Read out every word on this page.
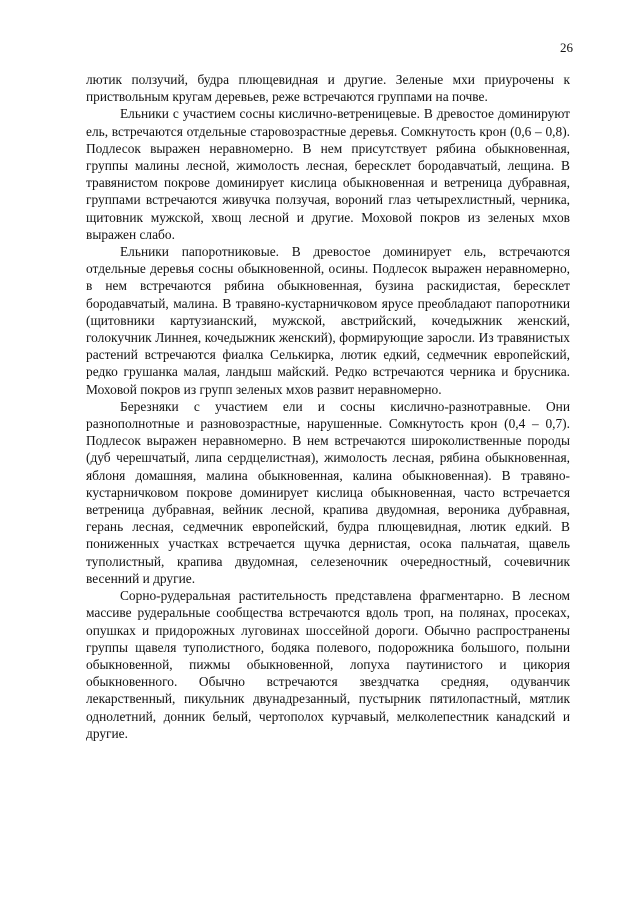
26

лютик ползучий, будра плющевидная и другие. Зеленые мхи приурочены к приствольным кругам деревьев, реже встречаются группами на почве.

Ельники с участием сосны кислично-ветреницевые. В древостое доминируют ель, встречаются отдельные старовозрастные деревья. Сомкнутость крон (0,6 – 0,8). Подлесок выражен неравномерно. В нем присутствует рябина обыкновенная, группы малины лесной, жимолость лесная, бересклет бородавчатый, лещина. В травянистом покрове доминирует кислица обыкновенная и ветреница дубравная, группами встречаются живучка ползучая, вороний глаз четырехлистный, черника, щитовник мужской, хвощ лесной и другие. Моховой покров из зеленых мхов выражен слабо.

Ельники папоротниковые. В древостое доминирует ель, встречаются отдельные деревья сосны обыкновенной, осины. Подлесок выражен неравномерно, в нем встречаются рябина обыкновенная, бузина раскидистая, бересклет бородавчатый, малина. В травяно-кустарничковом ярусе преобладают папоротники (щитовники картузианский, мужской, австрийский, кочедыжник женский, голокучник Линнея, кочедыжник женский), формирующие заросли. Из травянистых растений встречаются фиалка Селькирка, лютик едкий, седмечник европейский, редко грушанка малая, ландыш майский. Редко встречаются черника и брусника. Моховой покров из групп зеленых мхов развит неравномерно.

Березняки с участием ели и сосны кислично-разнотравные. Они разнополнотные и разновозрастные, нарушенные. Сомкнутость крон (0,4 – 0,7). Подлесок выражен неравномерно. В нем встречаются широколиственные породы (дуб черешчатый, липа сердцелистная), жимолость лесная, рябина обыкновенная, яблоня домашняя, малина обыкновенная, калина обыкновенная). В травяно-кустарничковом покрове доминирует кислица обыкновенная, часто встречается ветреница дубравная, вейник лесной, крапива двудомная, вероника дубравная, герань лесная, седмечник европейский, будра плющевидная, лютик едкий. В пониженных участках встречается щучка дернистая, осока пальчатая, щавель туполистный, крапива двудомная, селезеночник очередностный, сочевичник весенний и другие.

Сорно-рудеральная растительность представлена фрагментарно. В лесном массиве рудеральные сообщества встречаются вдоль троп, на полянах, просеках, опушках и придорожных луговинах шоссейной дороги. Обычно распространены группы щавеля туполистного, бодяка полевого, подорожника большого, полыни обыкновенной, пижмы обыкновенной, лопуха паутинистого и цикория обыкновенного. Обычно встречаются звездчатка средняя, одуванчик лекарственный, пикульник двунадрезанный, пустырник пятилопастный, мятлик однолетний, донник белый, чертополох курчавый, мелколепестник канадский и другие.
